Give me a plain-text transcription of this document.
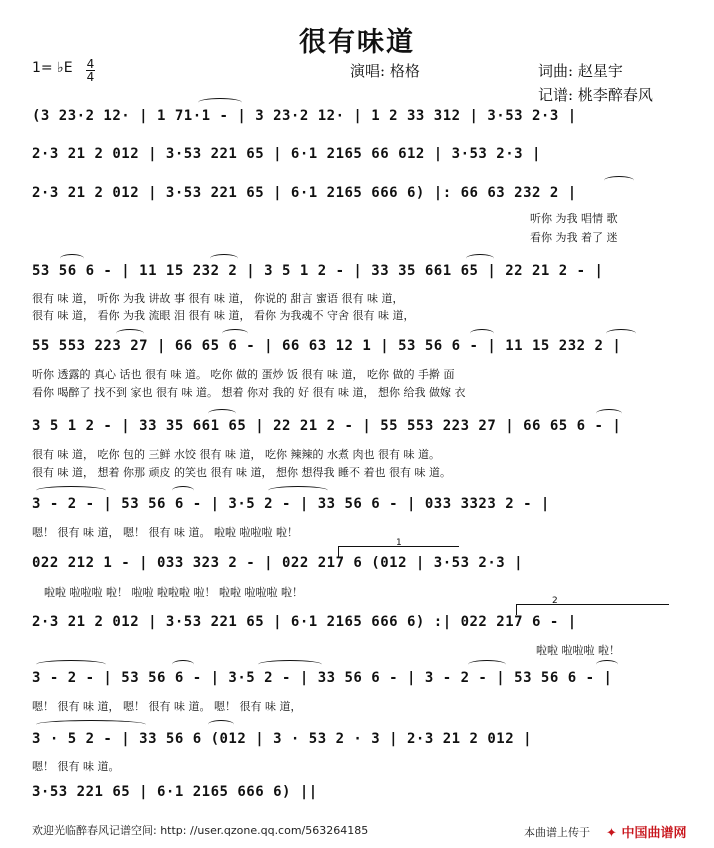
很有味道
1= ♭E 4
4	演唱: 格格	词曲: 赵星宇
记谱: 桃李醉春风
(3 23·2 12· | 1 71·1 - | 3 23·2 12· | 1 2 33 312 | 3·53 2·3 |
2·3 21 2 012 | 3·53 221 65 | 6·1 2165 66 612 | 3·53 2·3 |
2·3 21 2 012 | 3·53 221 65 | 6·1 2165 666 6) |: 66 63 232 2 |
听你 为我 唱情 歌
看你 为我 着了 迷
53 56 6 - | 11 15 232 2 | 3 5 1 2 - | 33 35 661 65 | 22 21 2 - |
很有 味 道， 听你 为我 讲故 事 很有 味 道， 你说的 甜言 蜜语 很有 味 道，
很有 味 道， 看你 为我 流眼 泪 很有 味 道， 看你 为我魂不 守舍 很有 味 道，
55 553 223 27 | 66 65 6 - | 66 63 12 1 | 53 56 6 - | 11 15 232 2 |
听你 透露的 真心 话也 很有 味 道。 吃你 做的 蛋炒 饭 很有 味 道， 吃你 做的 手擀 面
看你 喝醉了 找不到 家也 很有 味 道。 想着 你对 我的 好 很有 味 道， 想你 给我 做嫁 衣
3 5 1 2 - | 33 35 661 65 | 22 21 2 - | 55 553 223 27 | 66 65 6 - |
很有 味 道， 吃你 包的 三鲜 水饺 很有 味 道， 吃你 辣辣的 水煮 肉也 很有 味 道。
很有 味 道， 想着 你那 顽皮 的笑也 很有 味 道， 想你 想得我 睡不 着也 很有 味 道。
3 - 2 - | 53 56 6 - | 3·5 2 - | 33 56 6 - | 033 3323 2 - |
嗯！ 很有 味 道， 嗯！ 很有 味 道。 啦啦 啦啦啦 啦！
022 212 1 - | 033 323 2 - | 022 217 6 (012 | 3·53 2·3 |
啦啦 啦啦啦 啦！ 啦啦 啦啦啦 啦！ 啦啦 啦啦啦 啦！
1
2·3 21 2 012 | 3·53 221 65 | 6·1 2165 666 6) :| 022 217 6 - |
啦啦 啦啦啦 啦！
2
3 - 2 - | 53 56 6 - | 3·5 2 - | 33 56 6 - | 3 - 2 - | 53 56 6 - |
嗯！ 很有 味 道， 嗯！ 很有 味 道。 嗯！ 很有 味 道，
3 · 5 2 - | 33 56 6 (012 | 3 · 53 2 · 3 | 2·3 21 2 012 |
嗯！ 很有 味 道。
3·53 221 65 | 6·1 2165 666 6) ||
欢迎光临醉春风记谱空间: http: //user.qzone.qq.com/563264185	本曲谱上传于 ✦ 中国曲谱网
